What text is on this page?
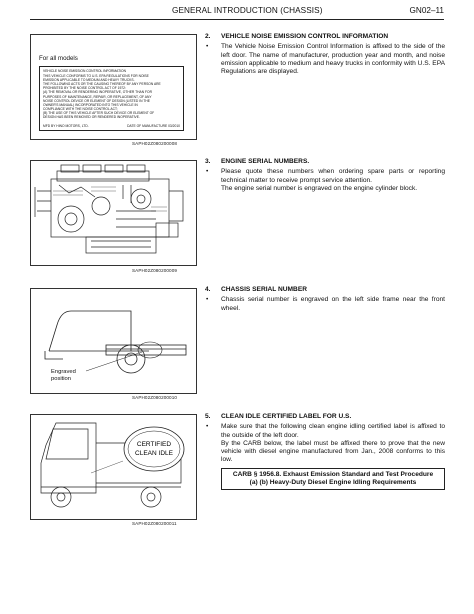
GENERAL INTRODUCTION (CHASSIS)	GN02–11
For all models
VEHICLE NOISE EMISSION CONTROL INFORMATION
THIS VEHICLE CONFORMS TO U.S. EPA REGULATIONS FOR NOISE
EMISSION APPLICABLE TO MEDIUM AND HEAVY TRUCKS.
THE FOLLOWING ACTS OR THE CAUSING THEREOF BY ANY PERSON ARE
PROHIBITED BY THE NOISE CONTROL ACT OF 1972:
(A) THE REMOVAL OR RENDERING INOPERATIVE, OTHER THAN FOR
PURPOSES OF MAINTENANCE, REPAIR, OR REPLACEMENT, OF ANY
NOISE CONTROL DEVICE OR ELEMENT OF DESIGN (LISTED IN THE
OWNER'S MANUAL) INCORPORATED INTO THIS VEHICLE IN
COMPLIANCE WITH THE NOISE CONTROL ACT;
(B) THE USE OF THIS VEHICLE AFTER SUCH DEVICE OR ELEMENT OF
DESIGN HAS BEEN REMOVED OR RENDERED INOPERATIVE.
MFD BY HINO MOTORS, LTD.	DATE OF MANUFACTURE 03/2010
SAPH02Z080200008
2. VEHICLE NOISE EMISSION CONTROL INFORMATION
• The Vehicle Noise Emission Control Information is affixed to the side of the left door. The name of manufacturer, production year and month, and noise emission applicable to medium and heavy trucks in conformity with U.S. EPA Regulations are displayed.
SAPH02Z080200009
3. ENGINE SERIAL NUMBERS.
• Please quote these numbers when ordering spare parts or reporting technical matter to receive prompt service attention.
The engine serial number is engraved on the engine cylinder block.
Engraved
position
SAPH02Z080200010
4. CHASSIS SERIAL NUMBER
• Chassis serial number is engraved on the left side frame near the front wheel.
CERTIFIED
CLEAN IDLE
SAPH02Z080200011
5. CLEAN IDLE CERTIFIED LABEL FOR U.S.
• Make sure that the following clean engine idling certified label is affixed to the outside of the left door.
By the CARB below, the label must be affixed there to prove that the new vehicle with diesel engine manufactured from Jan., 2008 conforms to this low.
CARB § 1956.8. Exhaust Emission Standard and Test Procedure
(a) (b) Heavy-Duty Diesel Engine Idling Requirements
